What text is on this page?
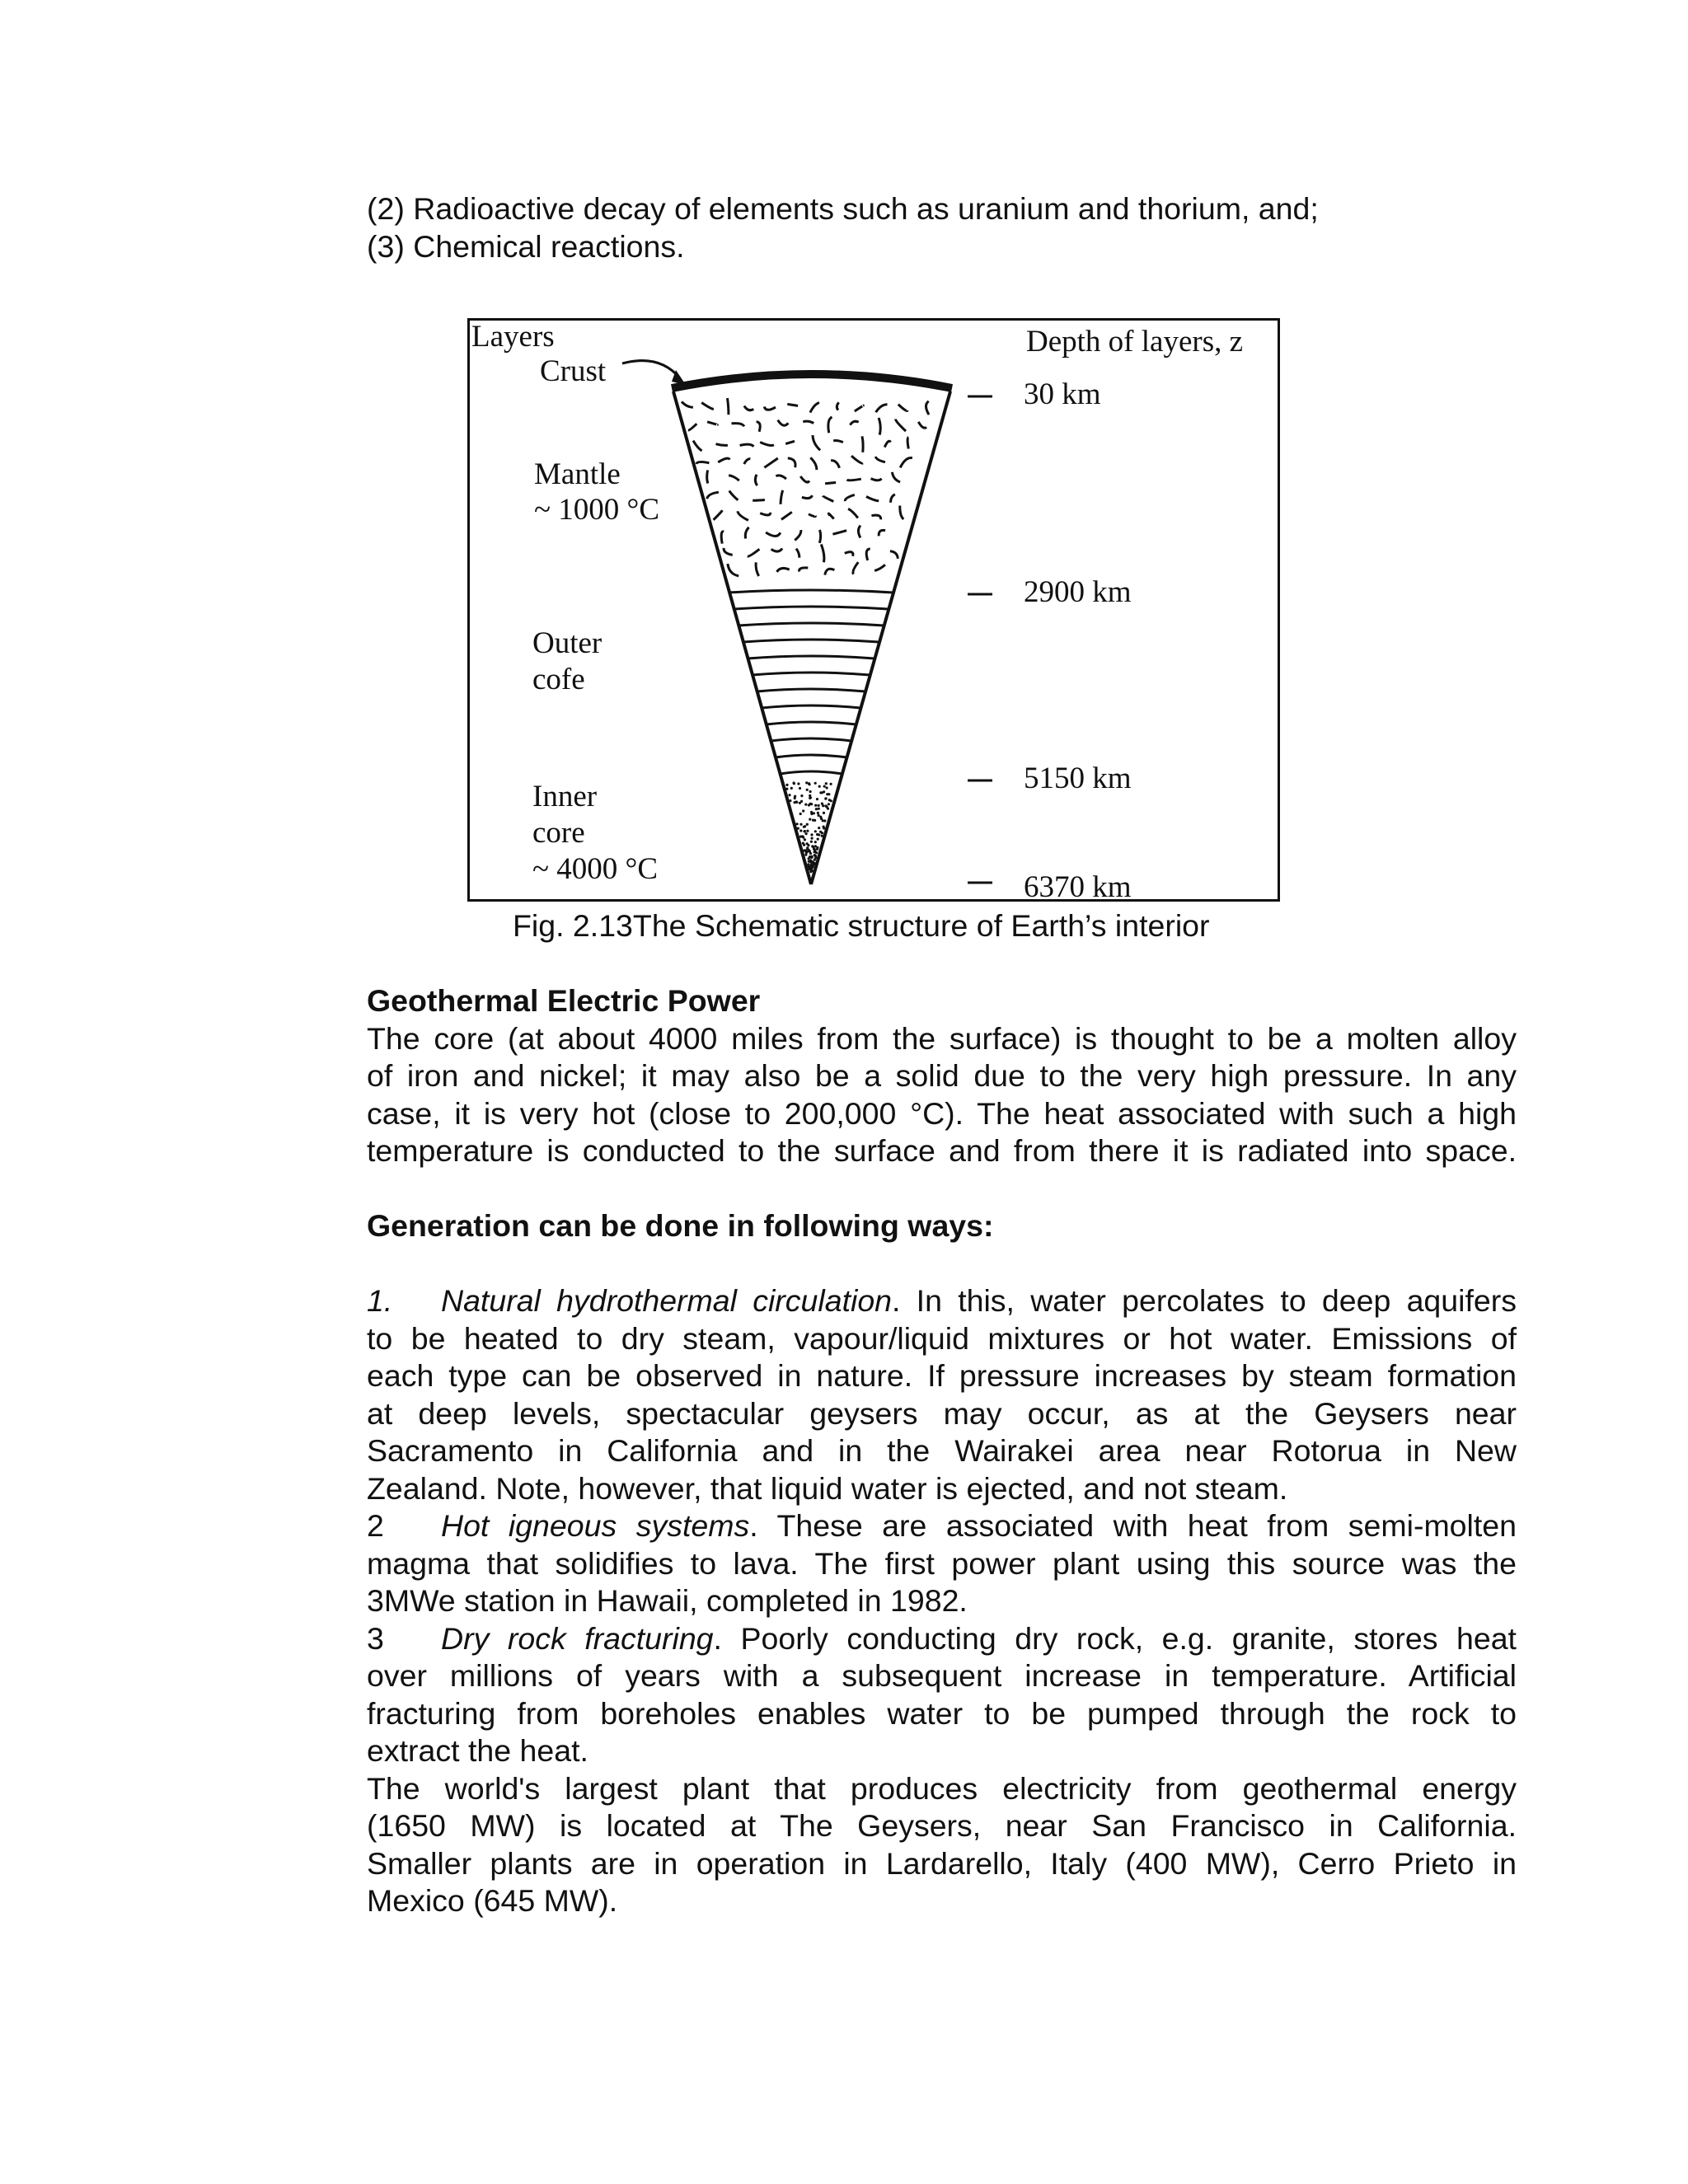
(2) Radioactive decay of elements such as uranium and thorium, and;

(3) Chemical reactions.

Layers
Crust
Mantle
~ 1000 °C
Outer
cofe
Inner
core
~ 4000 °C
Depth of layers, z
30 km
2900 km
5150 km
6370 km
Fig. 2.13The Schematic structure of Earth’s interior

Geothermal Electric Power

The core (at about 4000 miles from the surface) is thought to be a molten alloy

of iron and nickel; it may also be a solid due to the very high pressure. In any

case, it is very hot (close to 200,000 °C). The heat associated with such a high

temperature is conducted to the surface and from there it is radiated into space.

Generation can be done in following ways:

1. Natural hydrothermal circulation. In this, water percolates to deep aquifers

to be heated to dry steam, vapour/liquid mixtures or hot water. Emissions of

each type can be observed in nature. If pressure increases by steam formation

at deep levels, spectacular geysers may occur, as at the Geysers near

Sacramento in California and in the Wairakei area near Rotorua in New

Zealand. Note, however, that liquid water is ejected, and not steam.

2 Hot igneous systems. These are associated with heat from semi-molten

magma that solidifies to lava. The first power plant using this source was the

3MWe station in Hawaii, completed in 1982.

3 Dry rock fracturing. Poorly conducting dry rock, e.g. granite, stores heat

over millions of years with a subsequent increase in temperature. Artificial

fracturing from boreholes enables water to be pumped through the rock to

extract the heat.

The world's largest plant that produces electricity from geothermal energy

(1650 MW) is located at The Geysers, near San Francisco in California.

Smaller plants are in operation in Lardarello, Italy (400 MW), Cerro Prieto in

Mexico (645 MW).
